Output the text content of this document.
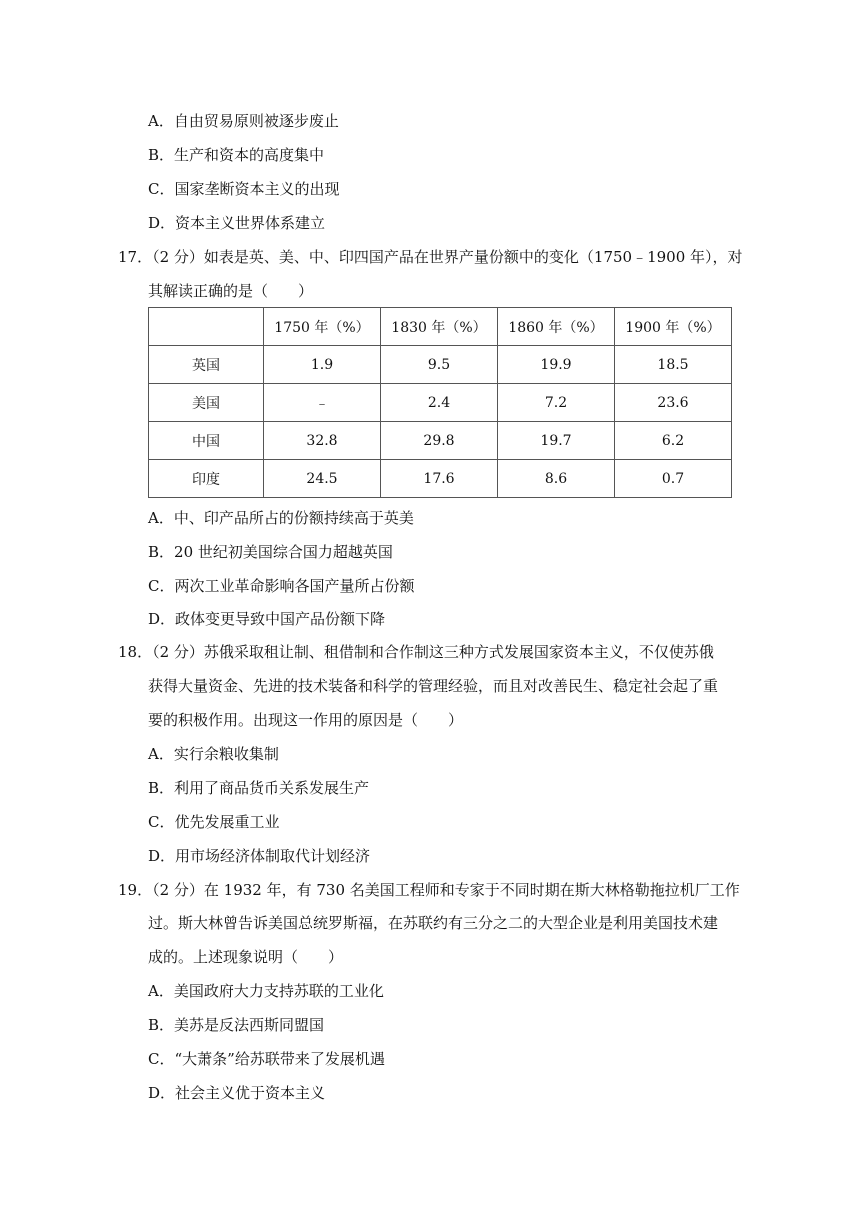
A．自由贸易原则被逐步废止
B．生产和资本的高度集中
C．国家垄断资本主义的出现
D．资本主义世界体系建立
17．（2 分）如表是英、美、中、印四国产品在世界产量份额中的变化（1750﹣1900 年），对
其解读正确的是（　　）
	1750 年（%）	1830 年（%）	1860 年（%）	1900 年（%）
英国	1.9	9.5	19.9	18.5
美国	﹣	2.4	7.2	23.6
中国	32.8	29.8	19.7	6.2
印度	24.5	17.6	8.6	0.7
A．中、印产品所占的份额持续高于英美
B．20 世纪初美国综合国力超越英国
C．两次工业革命影响各国产量所占份额
D．政体变更导致中国产品份额下降
18．（2 分）苏俄采取租让制、租借制和合作制这三种方式发展国家资本主义，不仅使苏俄
获得大量资金、先进的技术装备和科学的管理经验，而且对改善民生、稳定社会起了重
要的积极作用。出现这一作用的原因是（　　）
A．实行余粮收集制
B．利用了商品货币关系发展生产
C．优先发展重工业
D．用市场经济体制取代计划经济
19．（2 分）在 1932 年，有 730 名美国工程师和专家于不同时期在斯大林格勒拖拉机厂工作
过。斯大林曾告诉美国总统罗斯福，在苏联约有三分之二的大型企业是利用美国技术建
成的。上述现象说明（　　）
A．美国政府大力支持苏联的工业化
B．美苏是反法西斯同盟国
C．“大萧条”给苏联带来了发展机遇
D．社会主义优于资本主义
